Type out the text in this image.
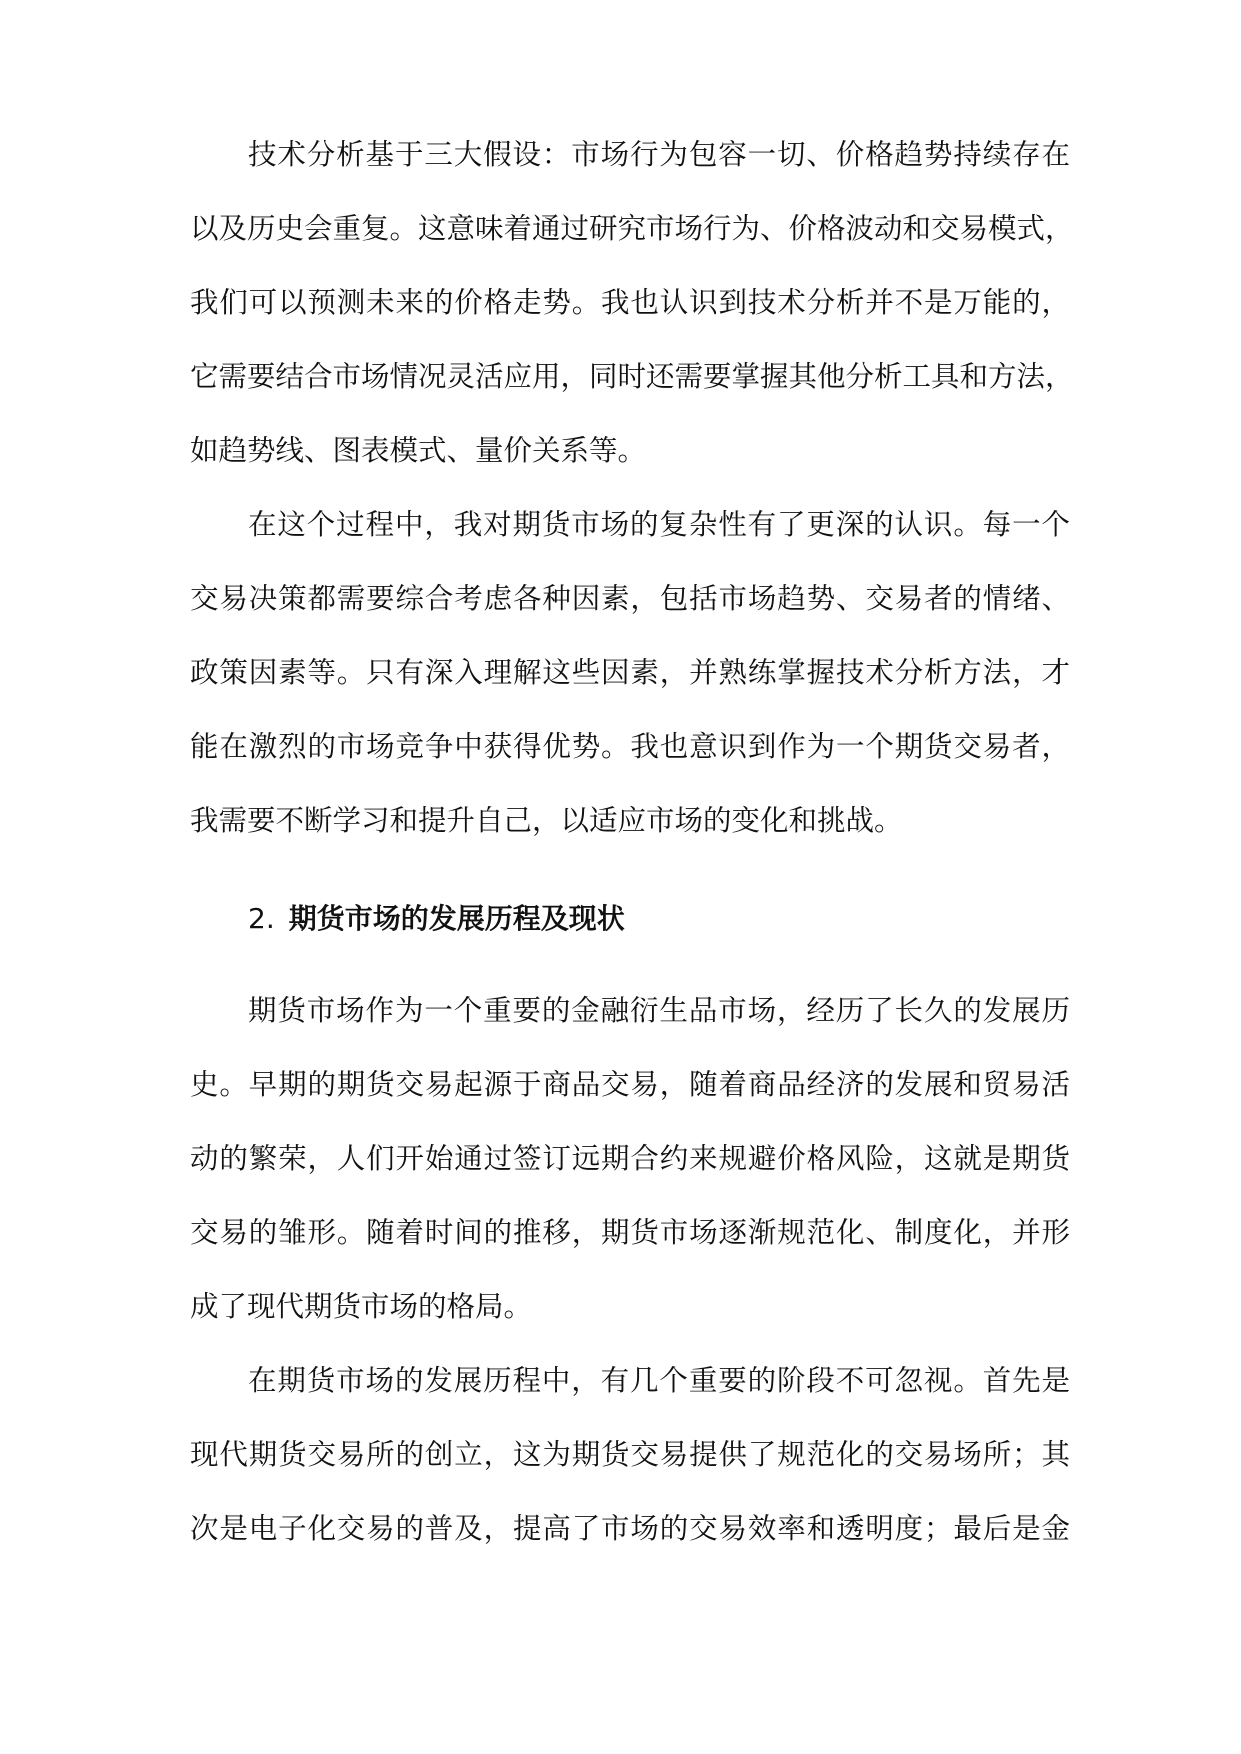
技术分析基于三大假设：市场行为包容一切、价格趋势持续存在
以及历史会重复。这意味着通过研究市场行为、价格波动和交易模式，
我们可以预测未来的价格走势。我也认识到技术分析并不是万能的，
它需要结合市场情况灵活应用，同时还需要掌握其他分析工具和方法，
如趋势线、图表模式、量价关系等。
在这个过程中，我对期货市场的复杂性有了更深的认识。每一个
交易决策都需要综合考虑各种因素，包括市场趋势、交易者的情绪、
政策因素等。只有深入理解这些因素，并熟练掌握技术分析方法，才
能在激烈的市场竞争中获得优势。我也意识到作为一个期货交易者，
我需要不断学习和提升自己，以适应市场的变化和挑战。
2. 期货市场的发展历程及现状
期货市场作为一个重要的金融衍生品市场，经历了长久的发展历
史。早期的期货交易起源于商品交易，随着商品经济的发展和贸易活
动的繁荣，人们开始通过签订远期合约来规避价格风险，这就是期货
交易的雏形。随着时间的推移，期货市场逐渐规范化、制度化，并形
成了现代期货市场的格局。
在期货市场的发展历程中，有几个重要的阶段不可忽视。首先是
现代期货交易所的创立，这为期货交易提供了规范化的交易场所；其
次是电子化交易的普及，提高了市场的交易效率和透明度；最后是金
